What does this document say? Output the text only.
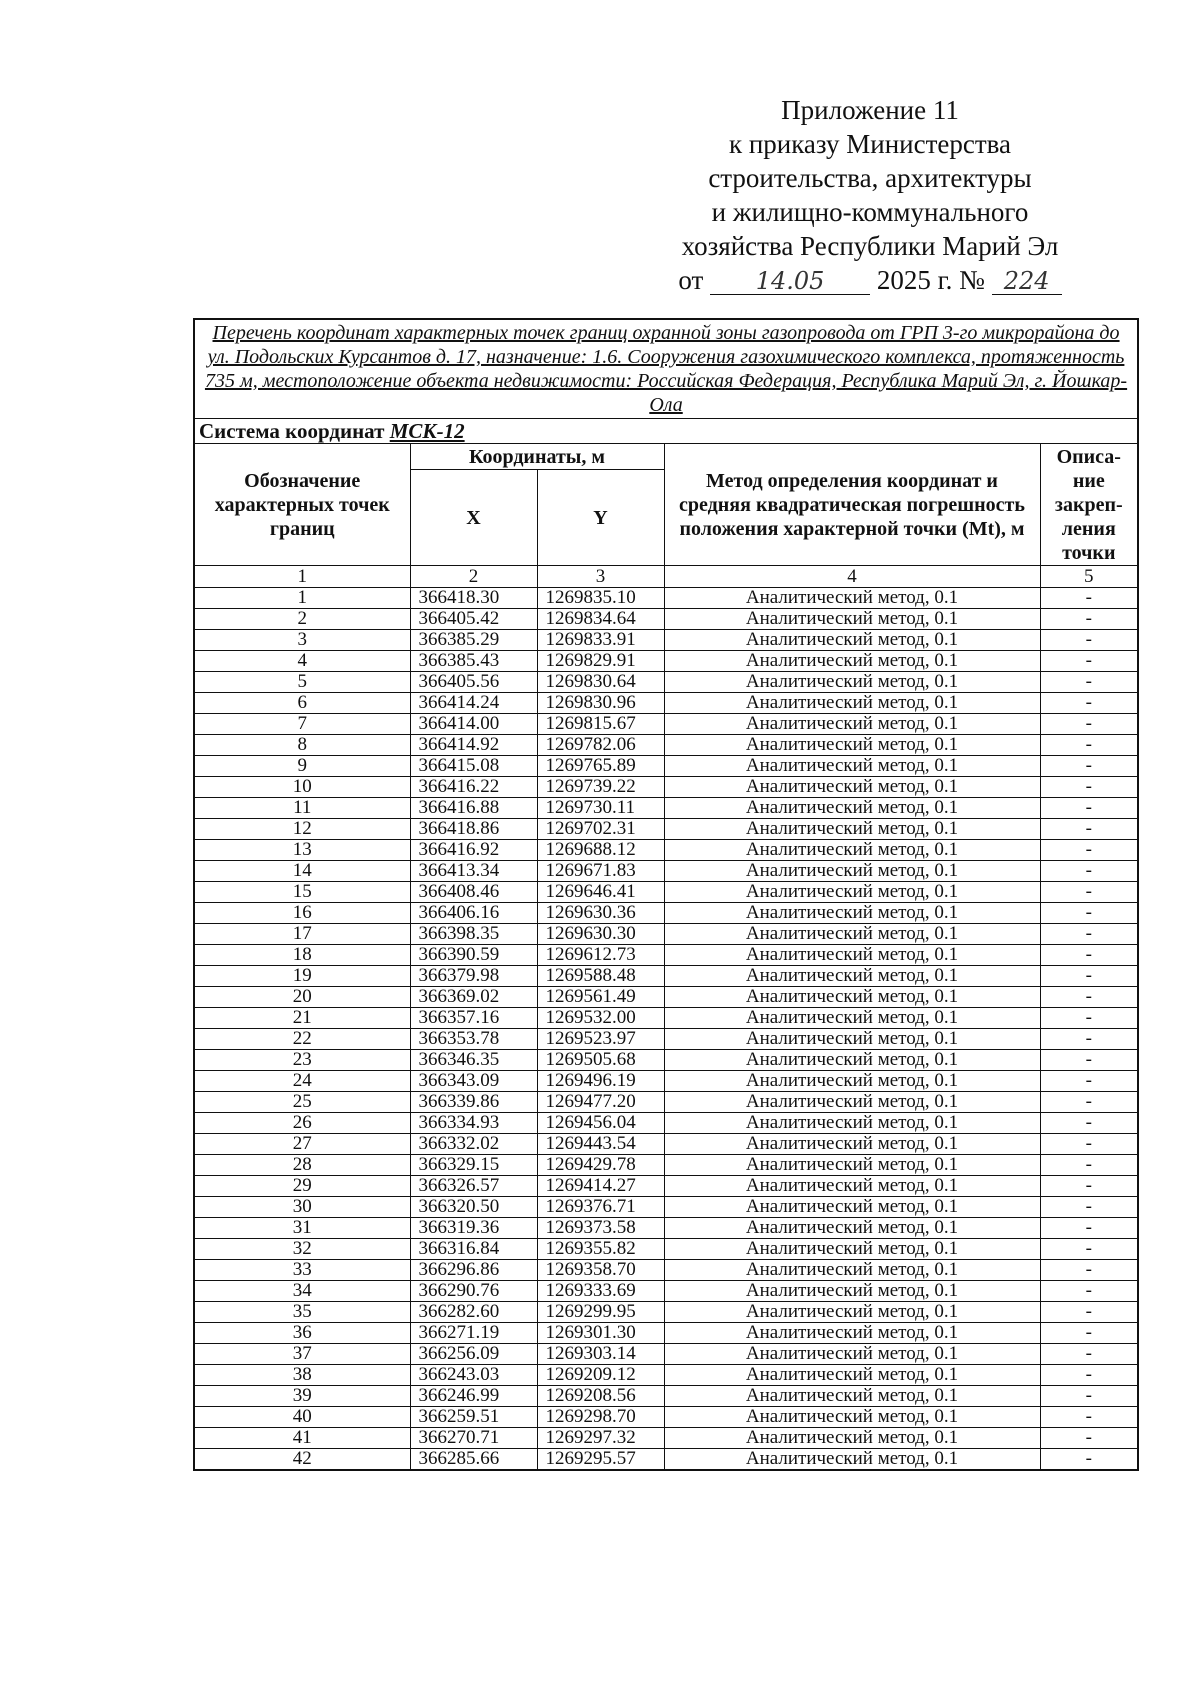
Приложение 11
к приказу Министерства
строительства, архитектуры
и жилищно-коммунального
хозяйства Республики Марий Эл
от 14.05 2025 г. № 224
Перечень координат характерных точек границ охранной зоны газопровода от ГРП 3-го микрорайона до ул. Подольских Курсантов д. 17, назначение: 1.6. Сооружения газохимического комплекса, протяженность 735 м, местоположение объекта недвижимости: Российская Федерация, Республика Марий Эл, г. Йошкар-Ола				
Система координат МСК-12				
Обозначение характерных точек границ	Координаты, м		Метод определения координат и средняя квадратическая погрешность положения характерной точки (Mt), м	Описа-ние закреп-ления точки
	X	Y		
1	2	3	4	5
1	366418.30	1269835.10	Аналитический метод, 0.1	-
2	366405.42	1269834.64	Аналитический метод, 0.1	-
3	366385.29	1269833.91	Аналитический метод, 0.1	-
4	366385.43	1269829.91	Аналитический метод, 0.1	-
5	366405.56	1269830.64	Аналитический метод, 0.1	-
6	366414.24	1269830.96	Аналитический метод, 0.1	-
7	366414.00	1269815.67	Аналитический метод, 0.1	-
8	366414.92	1269782.06	Аналитический метод, 0.1	-
9	366415.08	1269765.89	Аналитический метод, 0.1	-
10	366416.22	1269739.22	Аналитический метод, 0.1	-
11	366416.88	1269730.11	Аналитический метод, 0.1	-
12	366418.86	1269702.31	Аналитический метод, 0.1	-
13	366416.92	1269688.12	Аналитический метод, 0.1	-
14	366413.34	1269671.83	Аналитический метод, 0.1	-
15	366408.46	1269646.41	Аналитический метод, 0.1	-
16	366406.16	1269630.36	Аналитический метод, 0.1	-
17	366398.35	1269630.30	Аналитический метод, 0.1	-
18	366390.59	1269612.73	Аналитический метод, 0.1	-
19	366379.98	1269588.48	Аналитический метод, 0.1	-
20	366369.02	1269561.49	Аналитический метод, 0.1	-
21	366357.16	1269532.00	Аналитический метод, 0.1	-
22	366353.78	1269523.97	Аналитический метод, 0.1	-
23	366346.35	1269505.68	Аналитический метод, 0.1	-
24	366343.09	1269496.19	Аналитический метод, 0.1	-
25	366339.86	1269477.20	Аналитический метод, 0.1	-
26	366334.93	1269456.04	Аналитический метод, 0.1	-
27	366332.02	1269443.54	Аналитический метод, 0.1	-
28	366329.15	1269429.78	Аналитический метод, 0.1	-
29	366326.57	1269414.27	Аналитический метод, 0.1	-
30	366320.50	1269376.71	Аналитический метод, 0.1	-
31	366319.36	1269373.58	Аналитический метод, 0.1	-
32	366316.84	1269355.82	Аналитический метод, 0.1	-
33	366296.86	1269358.70	Аналитический метод, 0.1	-
34	366290.76	1269333.69	Аналитический метод, 0.1	-
35	366282.60	1269299.95	Аналитический метод, 0.1	-
36	366271.19	1269301.30	Аналитический метод, 0.1	-
37	366256.09	1269303.14	Аналитический метод, 0.1	-
38	366243.03	1269209.12	Аналитический метод, 0.1	-
39	366246.99	1269208.56	Аналитический метод, 0.1	-
40	366259.51	1269298.70	Аналитический метод, 0.1	-
41	366270.71	1269297.32	Аналитический метод, 0.1	-
42	366285.66	1269295.57	Аналитический метод, 0.1	-
